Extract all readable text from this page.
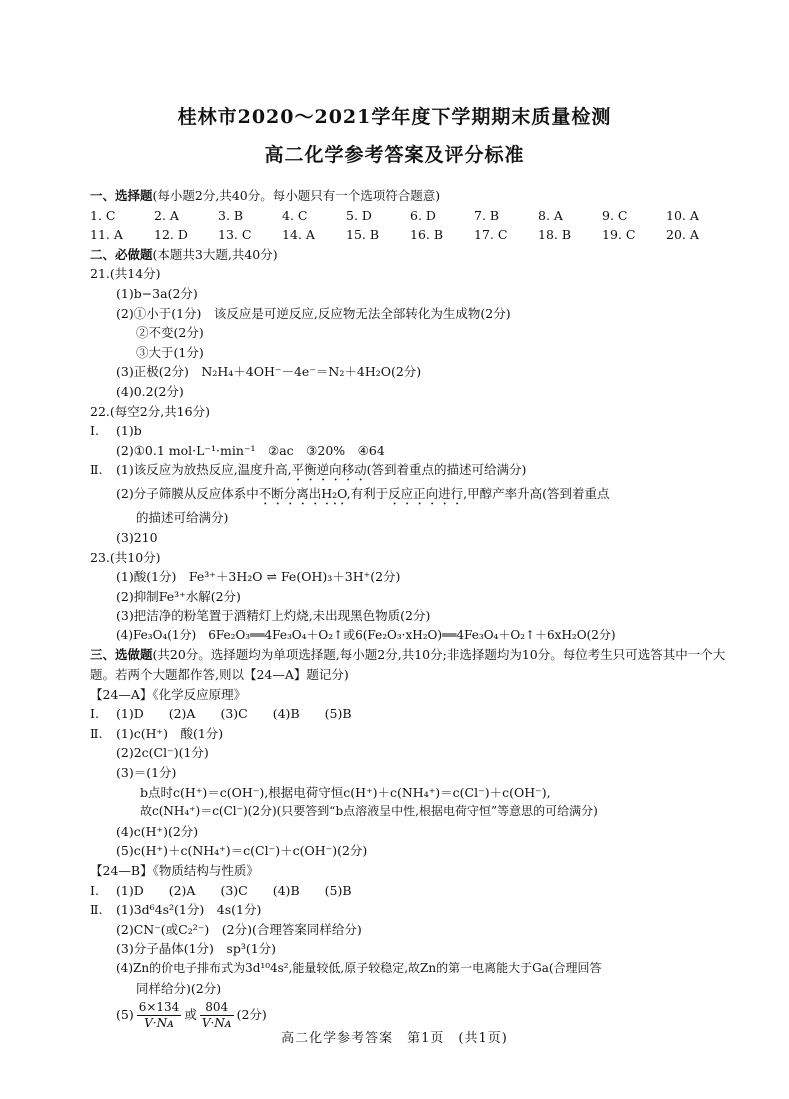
桂林市2020～2021学年度下学期期末质量检测
高二化学参考答案及评分标准
一、选择题(每小题2分,共40分。每小题只有一个选项符合题意)
1. C	2. A	3. B	4. C	5. D	6. D	7. B	8. A	9. C	10. A
11. A	12. D	13. C	14. A	15. B	16. B	17. C	18. B	19. C	20. A
二、必做题(本题共3大题,共40分)
21.(共14分)
(1)b−3a(2分)
(2)①小于(1分)　该反应是可逆反应,反应物无法全部转化为生成物(2分)
②不变(2分)
③大于(1分)
(3)正极(2分)　N₂H₄＋4OH⁻－4e⁻＝N₂＋4H₂O(2分)
(4)0.2(2分)
22.(每空2分,共16分)
Ⅰ. (1)b
(2)①0.1 mol·L⁻¹·min⁻¹　②ac　③20%　④64
Ⅱ. (1)该反应为放热反应,温度升高,平衡逆向移动(答到着重点的描述可给满分)
(2)分子筛膜从反应体系中不断分离出H₂O,有利于反应正向进行,甲醇产率升高(答到着重点
的描述可给满分)
(3)210
23.(共10分)
(1)酸(1分)　Fe³⁺＋3H₂O ⇌ Fe(OH)₃＋3H⁺(2分)
(2)抑制Fe³⁺水解(2分)
(3)把洁净的粉笔置于酒精灯上灼烧,未出现黑色物质(2分)
(4)Fe₃O₄(1分)　6Fe₂O₃══4Fe₃O₄＋O₂↑或6(Fe₂O₃·xH₂O)══4Fe₃O₄＋O₂↑＋6xH₂O(2分)
三、选做题(共20分。选择题均为单项选择题,每小题2分,共10分;非选择题均为10分。每位考生只可选答其中一个大题。若两个大题都作答,则以【24—A】题记分)
【24—A】《化学反应原理》
Ⅰ. (1)D　　(2)A　　(3)C　　(4)B　　(5)B
Ⅱ. (1)c(H⁺)　酸(1分)
(2)2c(Cl⁻)(1分)
(3)＝(1分)
b点时c(H⁺)＝c(OH⁻),根据电荷守恒c(H⁺)＋c(NH₄⁺)＝c(Cl⁻)＋c(OH⁻),
故c(NH₄⁺)＝c(Cl⁻)(2分)(只要答到“b点溶液呈中性,根据电荷守恒”等意思的可给满分)
(4)c(H⁺)(2分)
(5)c(H⁺)＋c(NH₄⁺)＝c(Cl⁻)＋c(OH⁻)(2分)
【24—B】《物质结构与性质》
Ⅰ. (1)D　　(2)A　　(3)C　　(4)B　　(5)B
Ⅱ. (1)3d⁶4s²(1分)　4s(1分)
(2)CN⁻(或C₂²⁻)　(2分)(合理答案同样给分)
(3)分子晶体(1分)　sp³(1分)
(4)Zn的价电子排布式为3d¹⁰4s²,能量较低,原子较稳定,故Zn的第一电离能大于Ga(合理回答
同样给分)(2分)
$(5) \frac{6\times 134}{\text{V·Nᴀ}}$ 或 $\frac{804}{\text{V·Nᴀ}} (2$分)
高二化学参考答案　第1页　(共1页)
